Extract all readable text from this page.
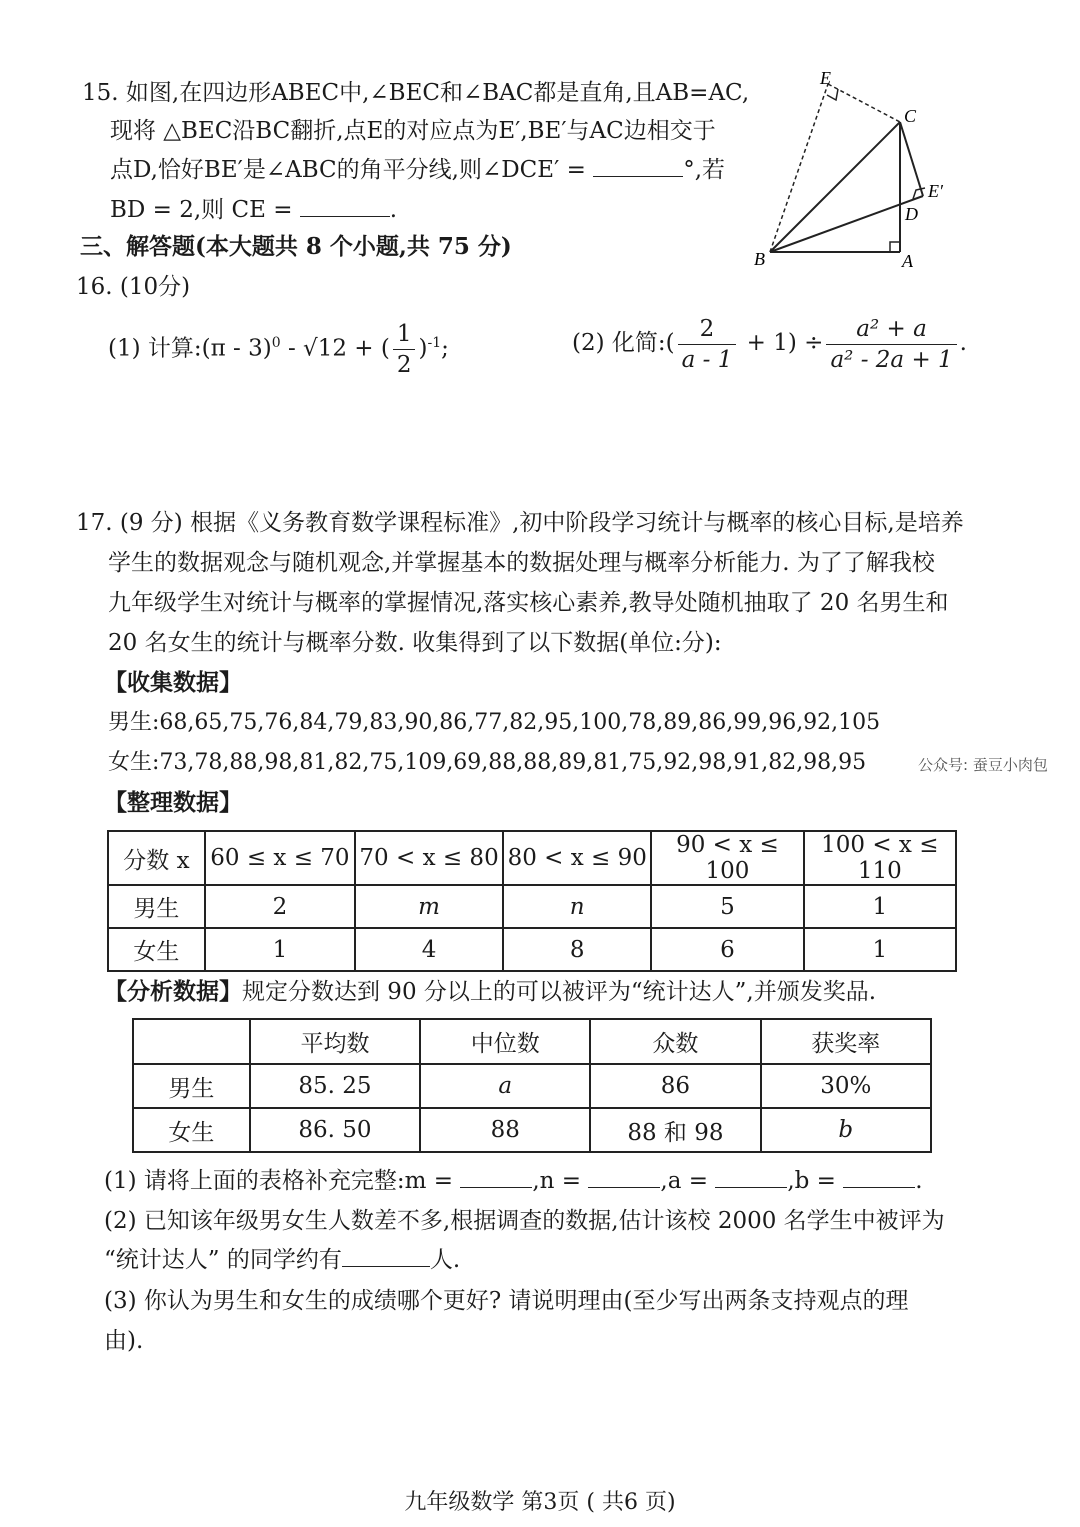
15. 如图,在四边形ABEC中,∠BEC和∠BAC都是直角,且AB=AC,
现将 △BEC沿BC翻折,点E的对应点为E′,BE′与AC边相交于
点D,恰好BE′是∠ABC的角平分线,则∠DCE′ =	°,若
BD = 2,则 CE =	.
E
C
E′
D
B	A
三、解答题(本大题共 8 个小题,共 75 分)
16. (10分)
(1) 计算:(π - 3)$^0$ - √12 + ( $\frac{1}{2} )^{-1}$;	(2) 化简:( $\frac{2}{a - 1} + 1) \div \frac{\text{a² + a}}{\text{a² - 2a + 1}}$ .
17. (9 分) 根据《义务教育数学课程标准》,初中阶段学习统计与概率的核心目标,是培养
学生的数据观念与随机观念,并掌握基本的数据处理与概率分析能力. 为了了解我校
九年级学生对统计与概率的掌握情况,落实核心素养,教导处随机抽取了 20 名男生和
20 名女生的统计与概率分数. 收集得到了以下数据(单位:分):
【收集数据】
男生:68,65,75,76,84,79,83,90,86,77,82,95,100,78,89,86,99,96,92,105
女生:73,78,88,98,81,82,75,109,69,88,88,89,81,75,92,98,91,82,98,95	公众号: 蚕豆小肉包
【整理数据】
分数 x	60 ≤ x ≤ 70	70 < x ≤ 80	80 < x ≤ 90	90 < x ≤ 100	100 < x ≤ 110
男生	2	m	n	5	1
女生	1	4	8	6	1
【分析数据】规定分数达到 90 分以上的可以被评为“统计达人”,并颁发奖品.
	平均数	中位数	众数	获奖率
男生	85. 25	a	86	30%
女生	86. 50	88	88 和 98	b
(1) 请将上面的表格补充完整:m =	,n =	,a =	,b =	.
(2) 已知该年级男女生人数差不多,根据调查的数据,估计该校 2000 名学生中被评为
“统计达人” 的同学约有	人.
(3) 你认为男生和女生的成绩哪个更好? 请说明理由(至少写出两条支持观点的理
由).
九年级数学 第3页 ( 共6 页)
